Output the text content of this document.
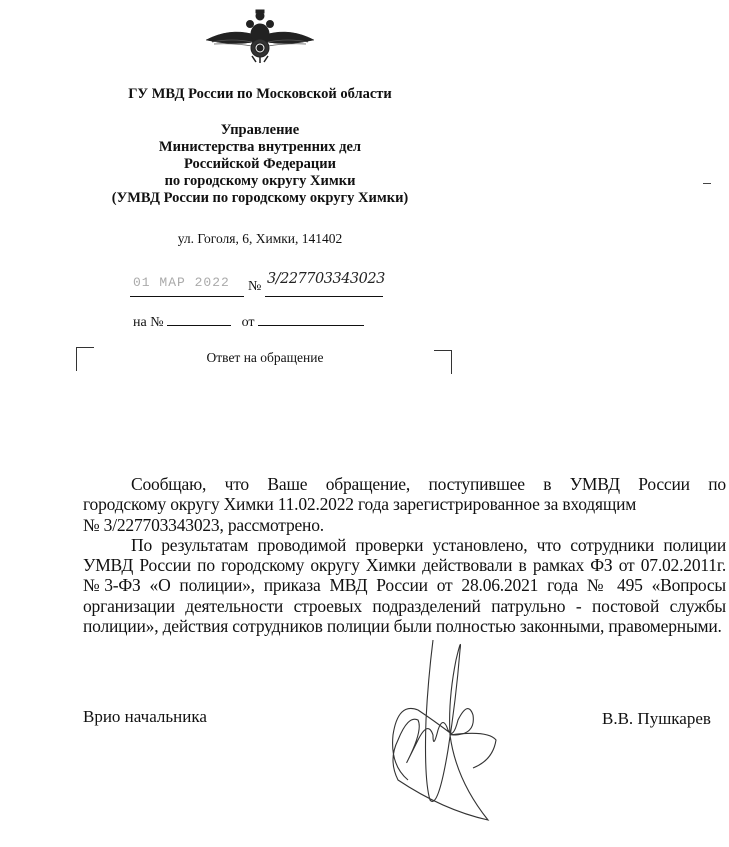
ГУ МВД России по Московской области
Управление
Министерства внутренних дел
Российской Федерации
по городскому округу Химки
(УМВД России по городскому округу Химки)
ул. Гоголя, 6, Химки, 141402
01 МАР 2022 № 3/227703343023
на №	от
Ответ на обращение

Сообщаю, что Ваше обращение, поступившее в УМВД России по

городскому округу Химки 11.02.2022 года зарегистрированное за входящим

№ 3/227703343023, рассмотрено.

По результатам проводимой проверки установлено, что сотрудники полиции УМВД России по городскому округу Химки действовали в рамках ФЗ от 07.02.2011г. №3-ФЗ «О полиции», приказа МВД России от 28.06.2021 года № 495 «Вопросы организации деятельности строевых подразделений патрульно - постовой службы полиции», действия сотрудников полиции были полностью законными, правомерными.

Врио начальника	В.В. Пушкарев
